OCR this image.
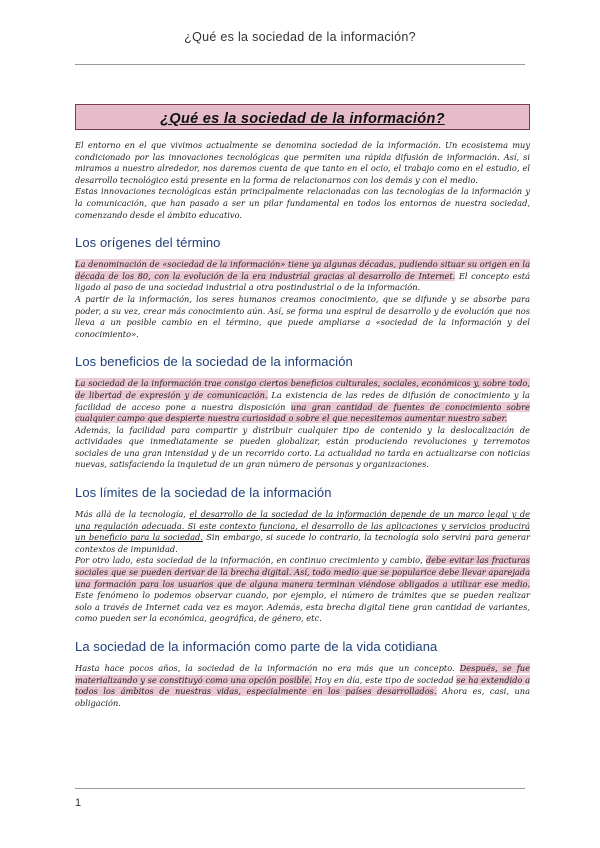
¿Qué es la sociedad de la información?
¿Qué es la sociedad de la información?

El entorno en el que vivimos actualmente se denomina sociedad de la información. Un ecosistema muy condicionado por las innovaciones tecnológicas que permiten una rápida difusión de información. Así, si miramos a nuestro alrededor, nos daremos cuenta de que tanto en el ocio, el trabajo como en el estudio, el desarrollo tecnológico está presente en la forma de relacionarnos con los demás y con el medio.

Estas innovaciones tecnológicas están principalmente relacionadas con las tecnologías de la información y la comunicación, que han pasado a ser un pilar fundamental en todos los entornos de nuestra sociedad, comenzando desde el ámbito educativo.

Los orígenes del término

La denominación de «sociedad de la información» tiene ya algunas décadas, pudiendo situar su origen en la década de los 80, con la evolución de la era industrial gracias al desarrollo de Internet. El concepto está ligado al paso de una sociedad industrial a otra postindustrial o de la información.

A partir de la información, los seres humanos creamos conocimiento, que se difunde y se absorbe para poder, a su vez, crear más conocimiento aún. Así, se forma una espiral de desarrollo y de evolución que nos lleva a un posible cambio en el término, que puede ampliarse a «sociedad de la información y del conocimiento».

Los beneficios de la sociedad de la información

La sociedad de la información trae consigo ciertos beneficios culturales, sociales, económicos y, sobre todo, de libertad de expresión y de comunicación. La existencia de las redes de difusión de conocimiento y la facilidad de acceso pone a nuestra disposición una gran cantidad de fuentes de conocimiento sobre cualquier campo que despierte nuestra curiosidad o sobre el que necesitemos aumentar nuestro saber.

Además, la facilidad para compartir y distribuir cualquier tipo de contenido y la deslocalización de actividades que inmediatamente se pueden globalizar, están produciendo revoluciones y terremotos sociales de una gran intensidad y de un recorrido corto. La actualidad no tarda en actualizarse con noticias nuevas, satisfaciendo la inquietud de un gran número de personas y organizaciones.

Los límites de la sociedad de la información

Más allá de la tecnología, el desarrollo de la sociedad de la información depende de un marco legal y de una regulación adecuada. Si este contexto funciona, el desarrollo de las aplicaciones y servicios producirá un beneficio para la sociedad. Sin embargo, si sucede lo contrario, la tecnología solo servirá para generar contextos de impunidad.

Por otro lado, esta sociedad de la información, en continuo crecimiento y cambio, debe evitar las fracturas sociales que se pueden derivar de la brecha digital. Así, todo medio que se popularice debe llevar aparejada una formación para los usuarios que de alguna manera terminan viéndose obligados a utilizar ese medio. Este fenómeno lo podemos observar cuando, por ejemplo, el número de trámites que se pueden realizar solo a través de Internet cada vez es mayor. Además, esta brecha digital tiene gran cantidad de variantes, como pueden ser la económica, geográfica, de género, etc.

La sociedad de la información como parte de la vida cotidiana

Hasta hace pocos años, la sociedad de la información no era más que un concepto. Después, se fue materializando y se constituyó como una opción posible. Hoy en día, este tipo de sociedad se ha extendido a todos los ámbitos de nuestras vidas, especialmente en los países desarrollados. Ahora es, casi, una obligación.

1
